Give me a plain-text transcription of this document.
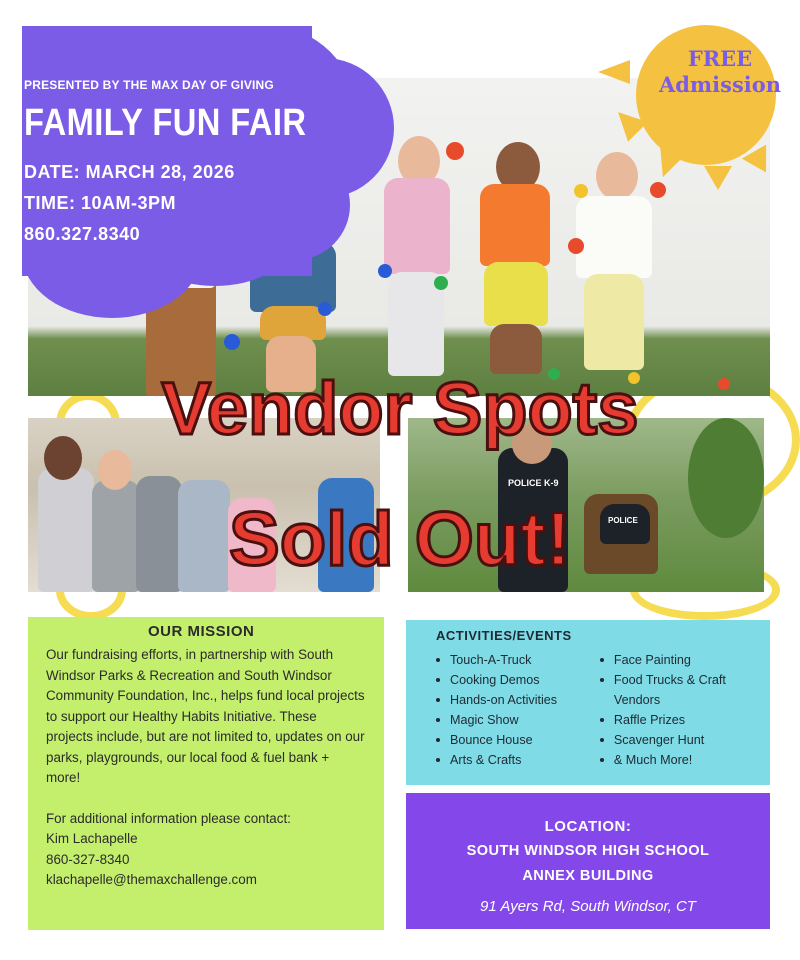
PRESENTED BY THE MAX DAY OF GIVING
FAMILY FUN FAIR
DATE: MARCH 28, 2026
TIME: 10AM-3PM
860.327.8340
FREE
Admission
POLICE K-9
POLICE
Vendor Spots
Sold Out!
OUR MISSION

Our fundraising efforts, in partnership with South Windsor Parks & Recreation and South Windsor Community Foundation, Inc., helps fund local projects to support our Healthy Habits Initiative. These projects include, but are not limited to, updates on our parks, playgrounds, our local food & fuel bank + more!

For additional information please contact:
Kim Lachapelle
860-327-8340
klachapelle@themaxchallenge.com
ACTIVITIES/EVENTS
Touch-A-Truck
Cooking Demos
Hands-on Activities
Magic Show
Bounce House
Arts & Crafts
Face Painting
Food Trucks & Craft
Vendors
Raffle Prizes
Scavenger Hunt
& Much More!
LOCATION:
SOUTH WINDSOR HIGH SCHOOL
ANNEX BUILDING
91 Ayers Rd, South Windsor, CT
